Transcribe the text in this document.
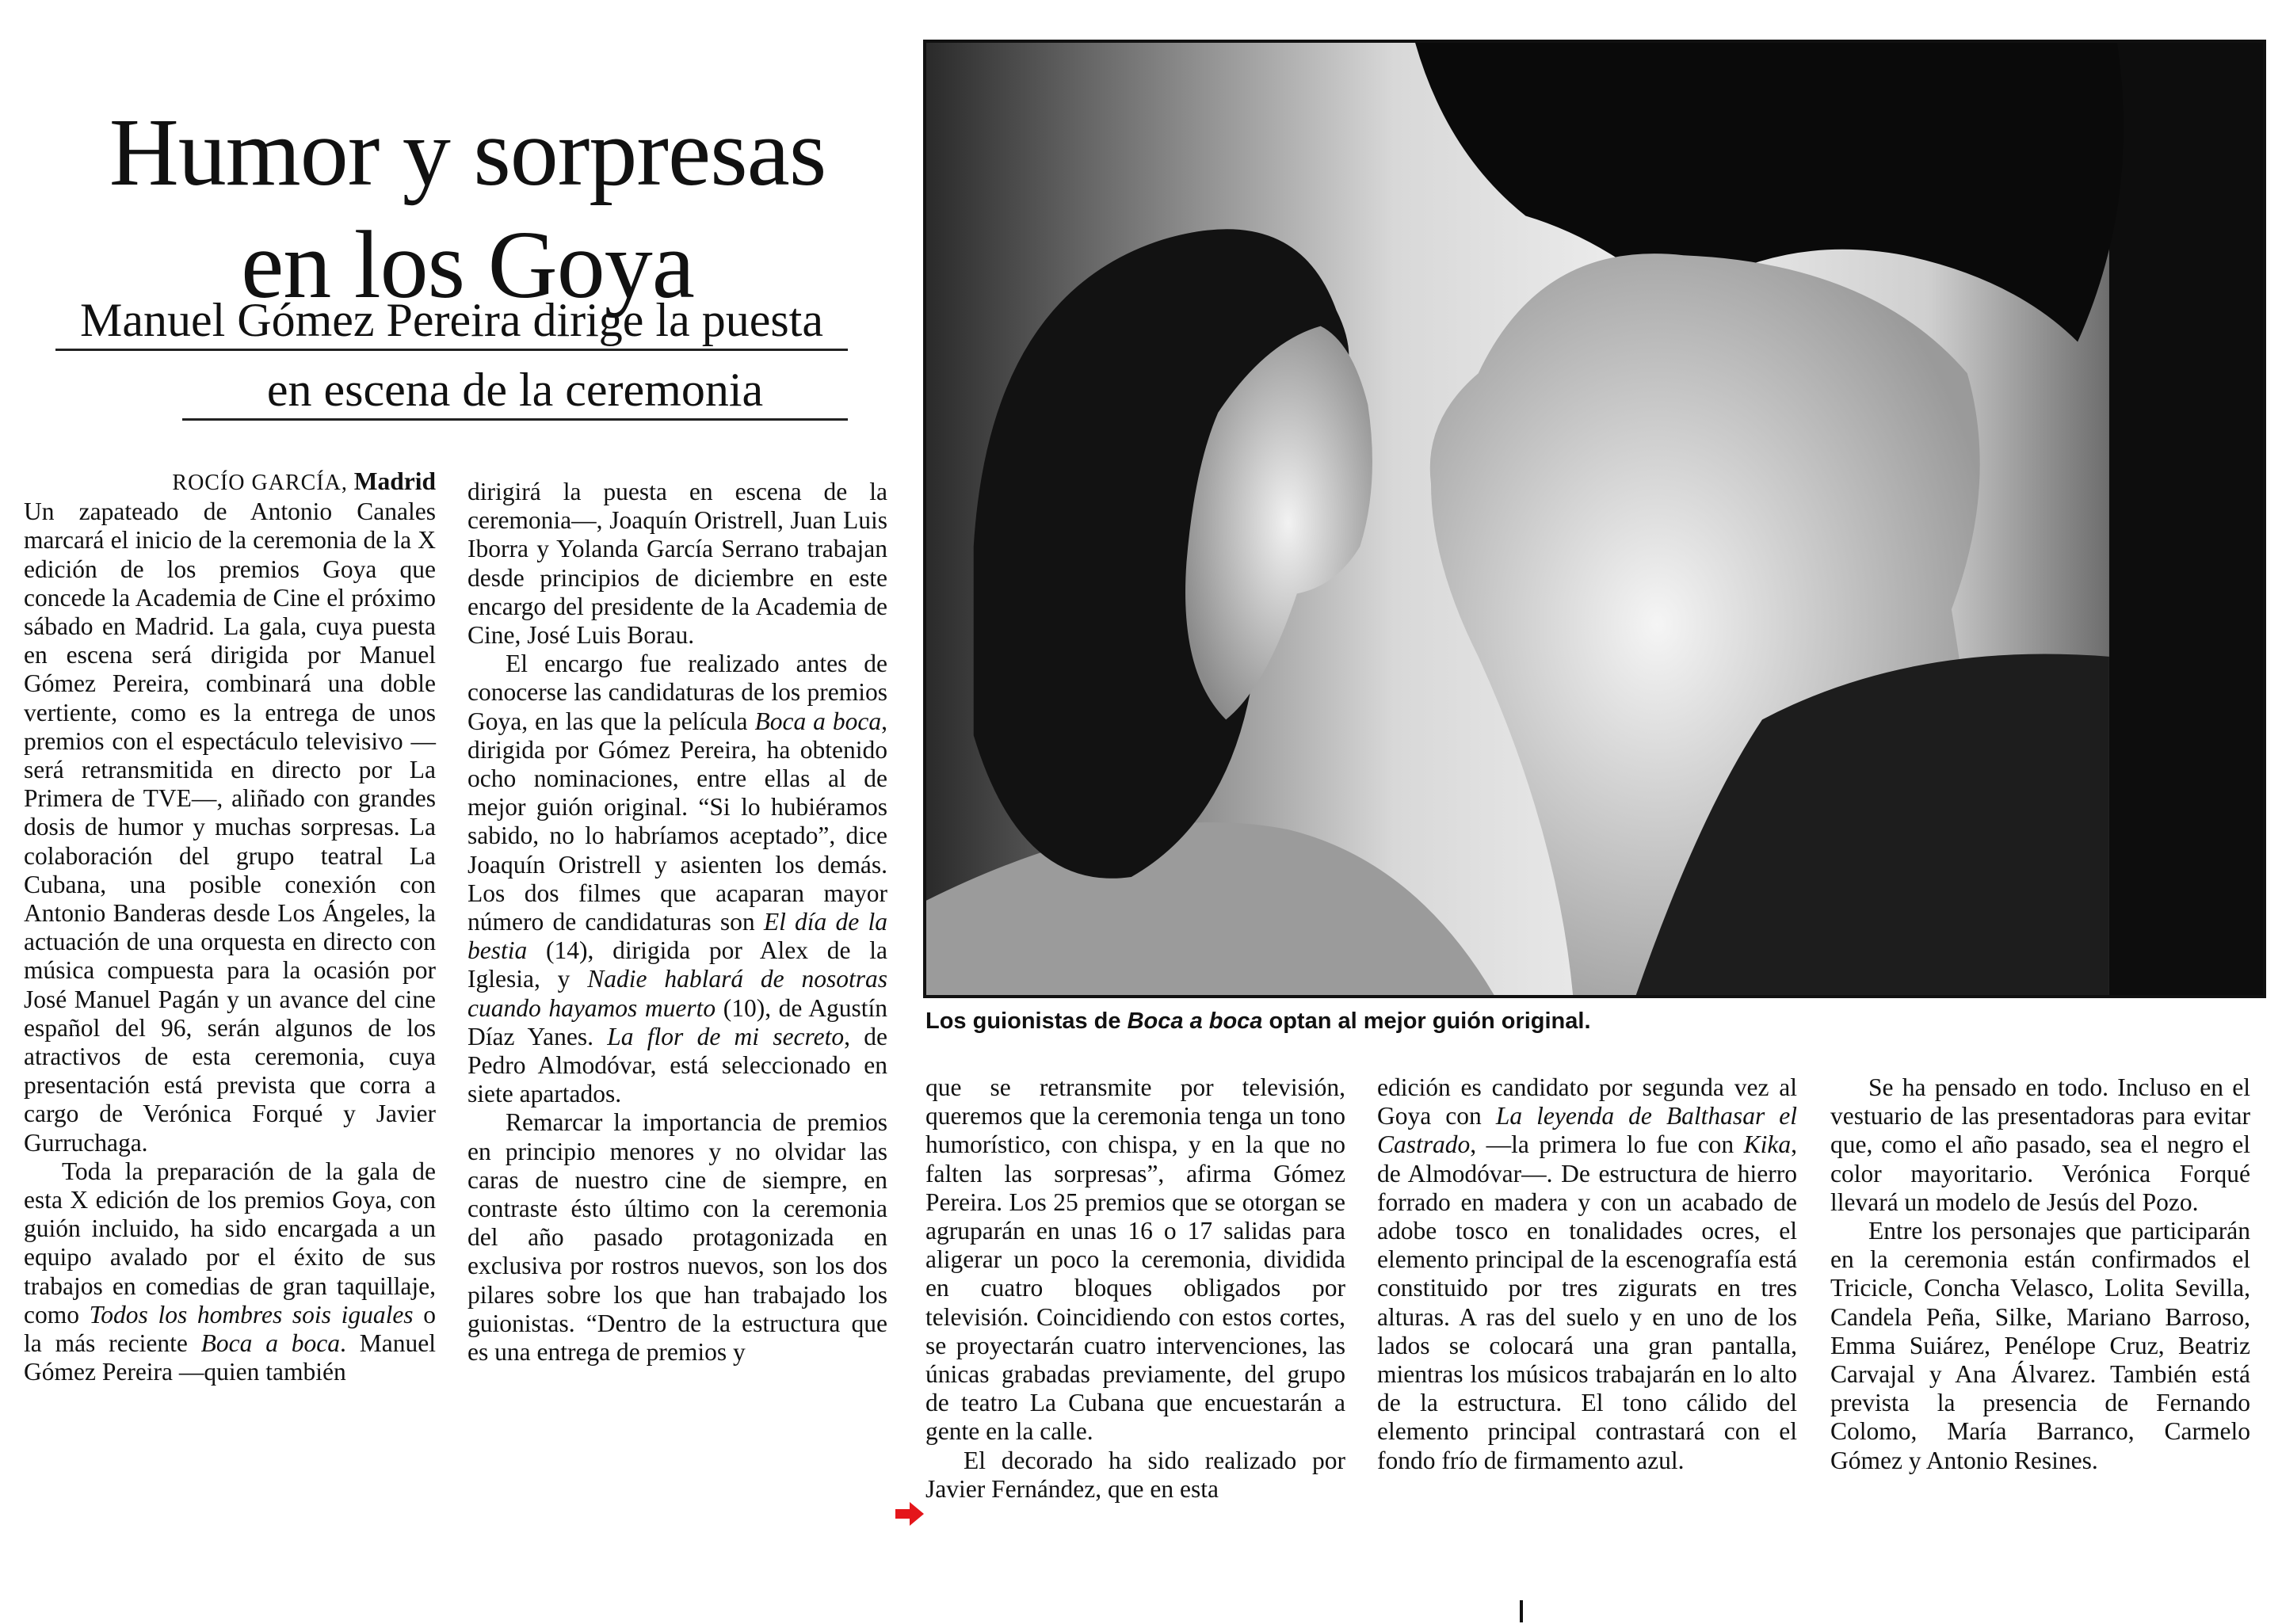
Humor y sorpresas
en los Goya
Manuel Gómez Pereira dirige la puesta
en escena de la ceremonia
Los guionistas de Boca a boca optan al mejor guión original.

ROCÍO GARCÍA, Madrid

Un zapateado de Antonio Canales marcará el inicio de la ceremonia de la X edición de los premios Goya que concede la Academia de Cine el próximo sábado en Madrid. La gala, cuya puesta en escena será dirigida por Manuel Gómez Pereira, combinará una doble vertiente, como es la entrega de unos premios con el espectáculo televisivo —será retransmitida en directo por La Primera de TVE—, aliñado con grandes dosis de humor y muchas sorpresas. La colaboración del grupo teatral La Cubana, una posible conexión con Antonio Banderas desde Los Ángeles, la actuación de una orquesta en directo con música compuesta para la ocasión por José Manuel Pagán y un avance del cine español del 96, serán algunos de los atractivos de esta ceremonia, cuya presentación está prevista que corra a cargo de Verónica Forqué y Javier Gurruchaga.

Toda la preparación de la gala de esta X edición de los premios Goya, con guión incluido, ha sido encargada a un equipo avalado por el éxito de sus trabajos en comedias de gran taquillaje, como Todos los hombres sois iguales o la más reciente Boca a boca. Manuel Gómez Pereira —quien también

dirigirá la puesta en escena de la ceremonia—, Joaquín Oristrell, Juan Luis Iborra y Yolanda García Serrano trabajan desde principios de diciembre en este encargo del presidente de la Academia de Cine, José Luis Borau.

El encargo fue realizado antes de conocerse las candidaturas de los premios Goya, en las que la película Boca a boca, dirigida por Gómez Pereira, ha obtenido ocho nominaciones, entre ellas al de mejor guión original. “Si lo hubiéramos sabido, no lo habríamos aceptado”, dice Joaquín Oristrell y asienten los demás. Los dos filmes que acaparan mayor número de candidaturas son El día de la bestia (14), dirigida por Alex de la Iglesia, y Nadie hablará de nosotras cuando hayamos muerto (10), de Agustín Díaz Yanes. La flor de mi secreto, de Pedro Almodóvar, está seleccionado en siete apartados.

Remarcar la importancia de premios en principio menores y no olvidar las caras de nuestro cine de siempre, en contraste ésto último con la ceremonia del año pasado protagonizada en exclusiva por rostros nuevos, son los dos pilares sobre los que han trabajado los guionistas. “Dentro de la estructura que es una entrega de premios y

que se retransmite por televisión, queremos que la ceremonia tenga un tono humorístico, con chispa, y en la que no falten las sorpresas”, afirma Gómez Pereira. Los 25 premios que se otorgan se agruparán en unas 16 o 17 salidas para aligerar un poco la ceremonia, dividida en cuatro bloques obligados por televisión. Coincidiendo con estos cortes, se proyectarán cuatro intervenciones, las únicas grabadas previamente, del grupo de teatro La Cubana que encuestarán a gente en la calle.

El decorado ha sido realizado por Javier Fernández, que en esta

edición es candidato por segunda vez al Goya con La leyenda de Balthasar el Castrado, —la primera lo fue con Kika, de Almodóvar—. De estructura de hierro forrado en madera y con un acabado de adobe tosco en tonalidades ocres, el elemento principal de la escenografía está constituido por tres zigurats en tres alturas. A ras del suelo y en uno de los lados se colocará una gran pantalla, mientras los músicos trabajarán en lo alto de la estructura. El tono cálido del elemento principal contrastará con el fondo frío de firmamento azul.

Se ha pensado en todo. Incluso en el vestuario de las presentadoras para evitar que, como el año pasado, sea el negro el color mayoritario. Verónica Forqué llevará un modelo de Jesús del Pozo.

Entre los personajes que participarán en la ceremonia están confirmados el Tricicle, Concha Velasco, Lolita Sevilla, Candela Peña, Silke, Mariano Barroso, Emma Suiárez, Penélope Cruz, Beatriz Carvajal y Ana Álvarez. También está prevista la presencia de Fernando Colomo, María Barranco, Carmelo Gómez y Antonio Resines.
